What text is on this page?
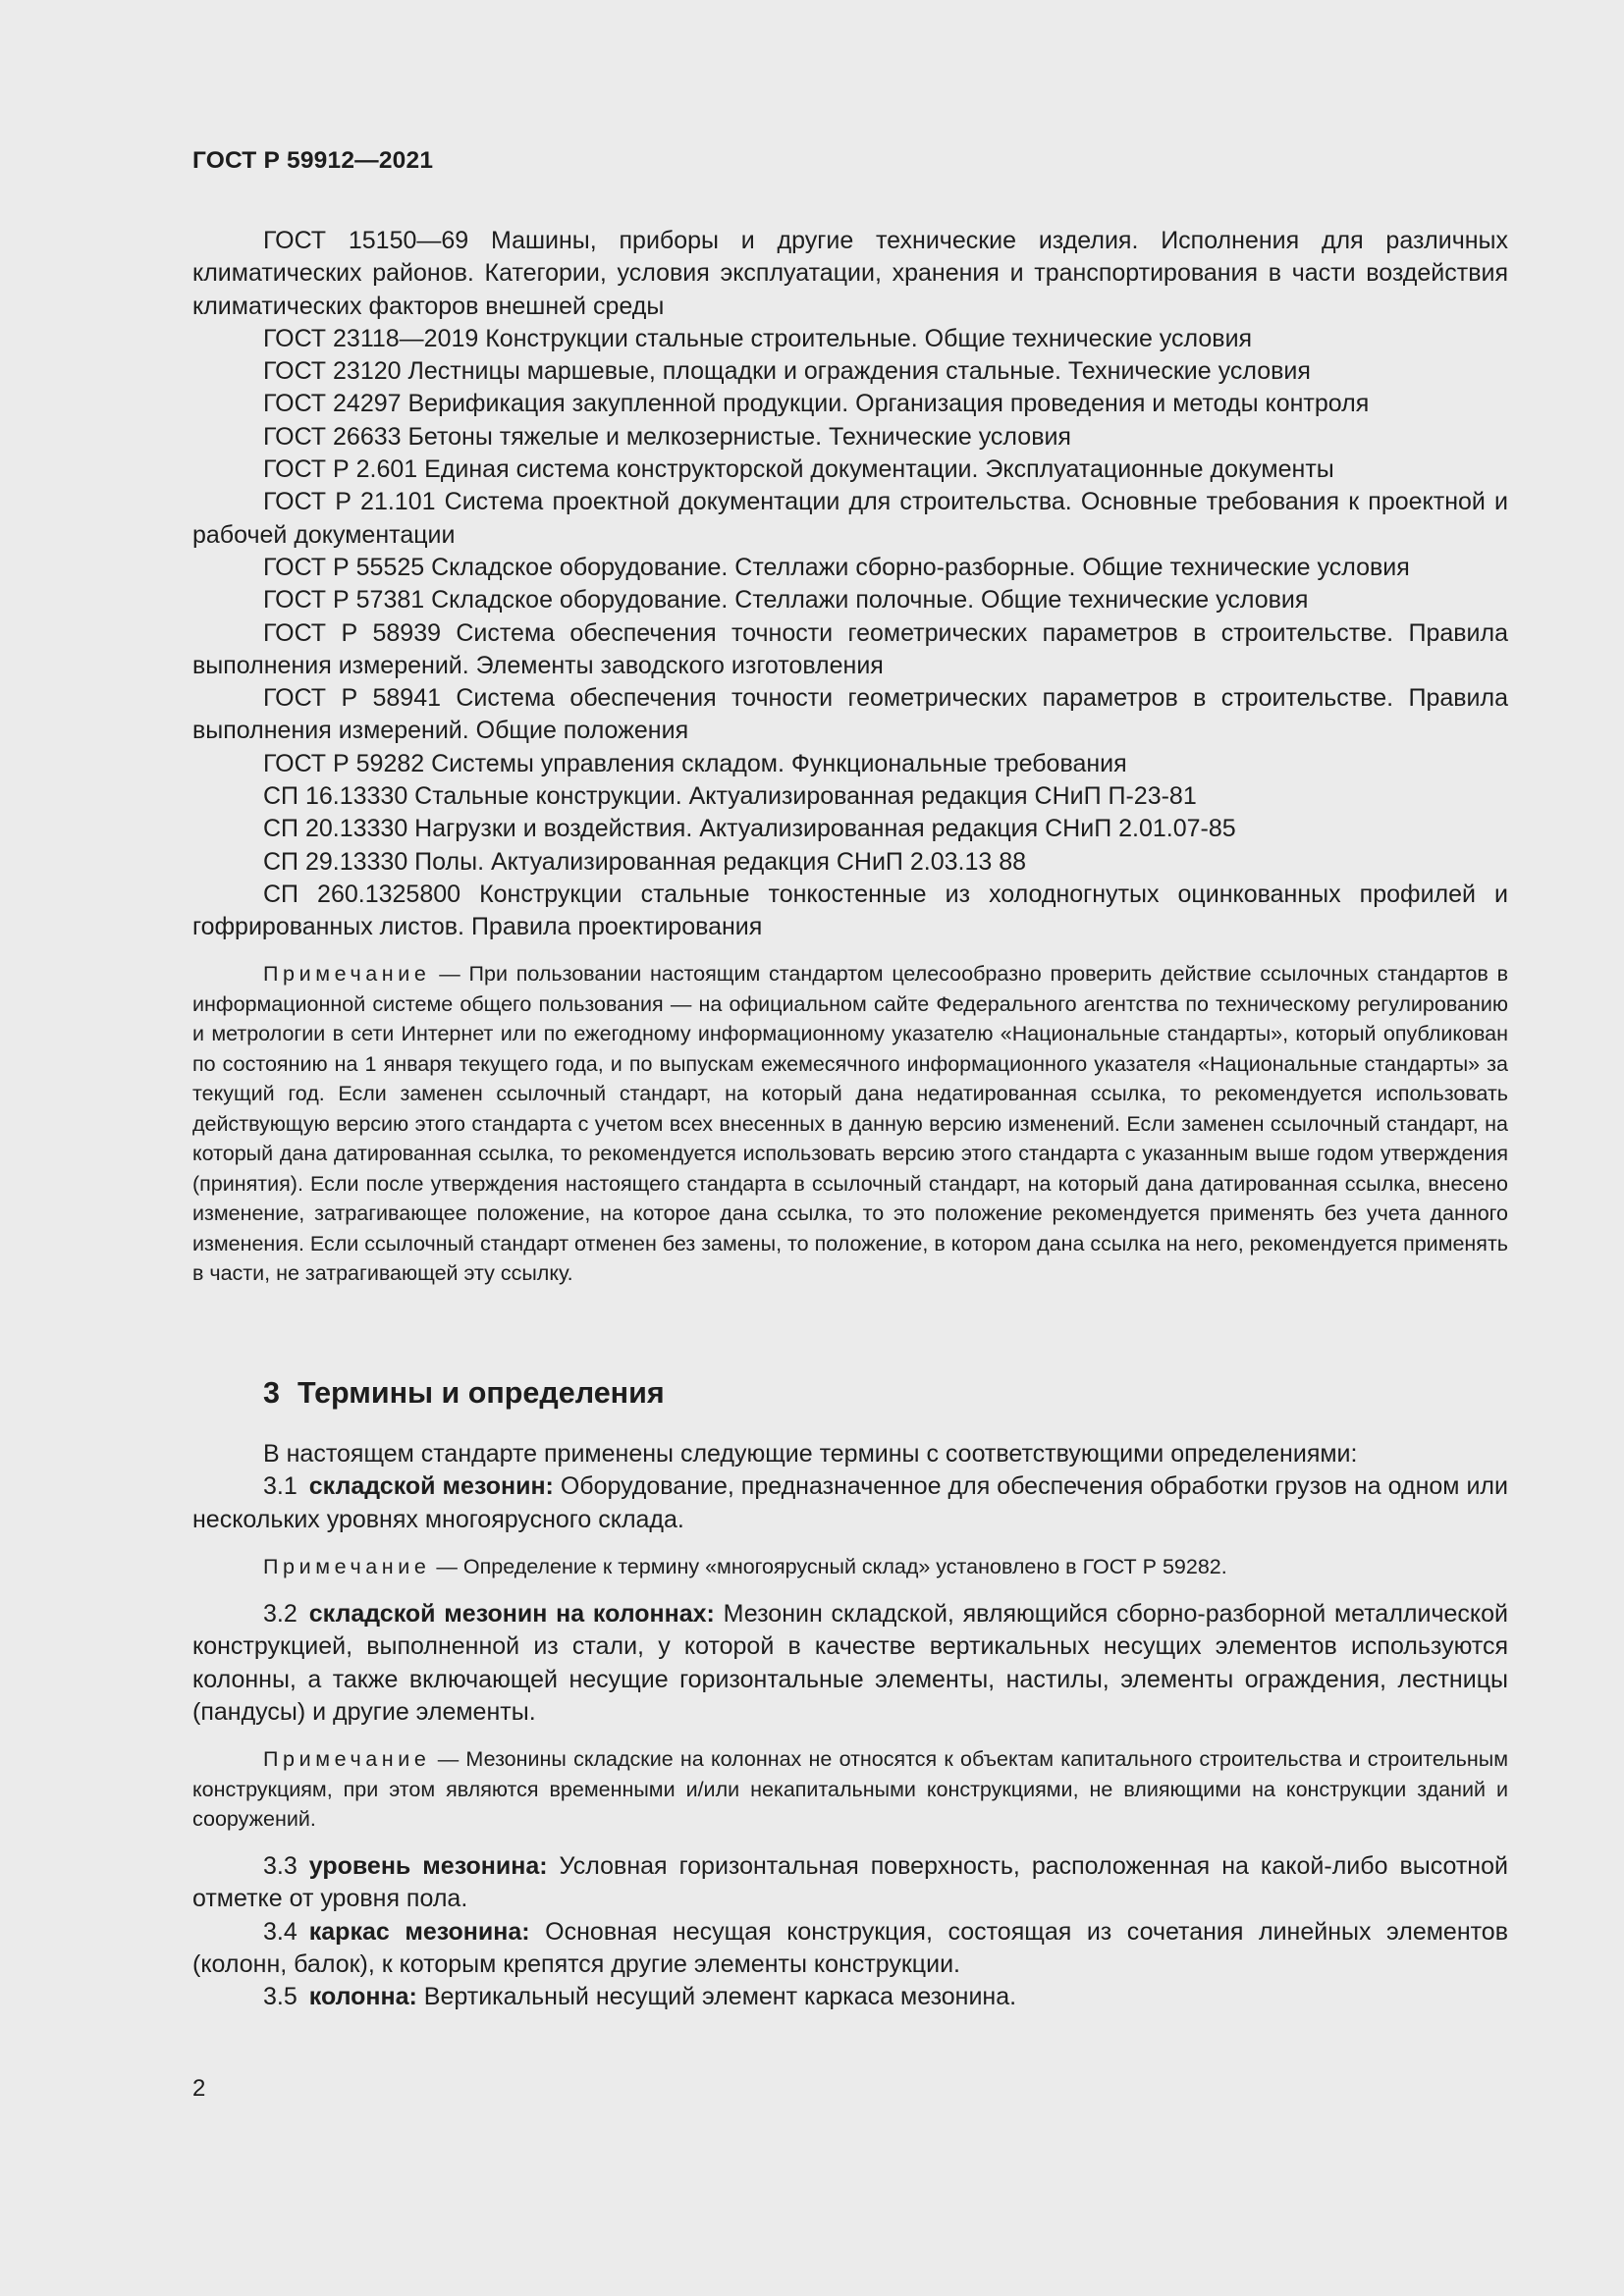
ГОСТ Р 59912—2021

ГОСТ 15150—69 Машины, приборы и другие технические изделия. Исполнения для различных климатических районов. Категории, условия эксплуатации, хранения и транспортирования в части воздействия климатических факторов внешней среды

ГОСТ 23118—2019 Конструкции стальные строительные. Общие технические условия

ГОСТ 23120 Лестницы маршевые, площадки и ограждения стальные. Технические условия

ГОСТ 24297 Верификация закупленной продукции. Организация проведения и методы контроля

ГОСТ 26633 Бетоны тяжелые и мелкозернистые. Технические условия

ГОСТ Р 2.601 Единая система конструкторской документации. Эксплуатационные документы

ГОСТ Р 21.101 Система проектной документации для строительства. Основные требования к проектной и рабочей документации

ГОСТ Р 55525 Складское оборудование. Стеллажи сборно-разборные. Общие технические условия

ГОСТ Р 57381 Складское оборудование. Стеллажи полочные. Общие технические условия

ГОСТ Р 58939 Система обеспечения точности геометрических параметров в строительстве. Правила выполнения измерений. Элементы заводского изготовления

ГОСТ Р 58941 Система обеспечения точности геометрических параметров в строительстве. Правила выполнения измерений. Общие положения

ГОСТ Р 59282 Системы управления складом. Функциональные требования

СП 16.13330 Стальные конструкции. Актуализированная редакция СНиП П-23-81

СП 20.13330 Нагрузки и воздействия. Актуализированная редакция СНиП 2.01.07-85

СП 29.13330 Полы. Актуализированная редакция СНиП 2.03.13 88

СП 260.1325800 Конструкции стальные тонкостенные из холодногнутых оцинкованных профилей и гофрированных листов. Правила проектирования

Примечание — При пользовании настоящим стандартом целесообразно проверить действие ссылочных стандартов в информационной системе общего пользования — на официальном сайте Федерального агентства по техническому регулированию и метрологии в сети Интернет или по ежегодному информационному указателю «Национальные стандарты», который опубликован по состоянию на 1 января текущего года, и по выпускам ежемесячного информационного указателя «Национальные стандарты» за текущий год. Если заменен ссылочный стандарт, на который дана недатированная ссылка, то рекомендуется использовать действующую версию этого стандарта с учетом всех внесенных в данную версию изменений. Если заменен ссылочный стандарт, на который дана датированная ссылка, то рекомендуется использовать версию этого стандарта с указанным выше годом утверждения (принятия). Если после утверждения настоящего стандарта в ссылочный стандарт, на который дана датированная ссылка, внесено изменение, затрагивающее положение, на которое дана ссылка, то это положение рекомендуется применять без учета данного изменения. Если ссылочный стандарт отменен без замены, то положение, в котором дана ссылка на него, рекомендуется применять в части, не затрагивающей эту ссылку.

3 Термины и определения

В настоящем стандарте применены следующие термины с соответствующими определениями:

3.1 складской мезонин: Оборудование, предназначенное для обеспечения обработки грузов на одном или нескольких уровнях многоярусного склада.

Примечание — Определение к термину «многоярусный склад» установлено в ГОСТ Р 59282.

3.2 складской мезонин на колоннах: Мезонин складской, являющийся сборно-разборной металлической конструкцией, выполненной из стали, у которой в качестве вертикальных несущих элементов используются колонны, а также включающей несущие горизонтальные элементы, настилы, элементы ограждения, лестницы (пандусы) и другие элементы.

Примечание — Мезонины складские на колоннах не относятся к объектам капитального строительства и строительным конструкциям, при этом являются временными и/или некапитальными конструкциями, не влияющими на конструкции зданий и сооружений.

3.3 уровень мезонина: Условная горизонтальная поверхность, расположенная на какой-либо высотной отметке от уровня пола.

3.4 каркас мезонина: Основная несущая конструкция, состоящая из сочетания линейных элементов (колонн, балок), к которым крепятся другие элементы конструкции.

3.5 колонна: Вертикальный несущий элемент каркаса мезонина.

2
